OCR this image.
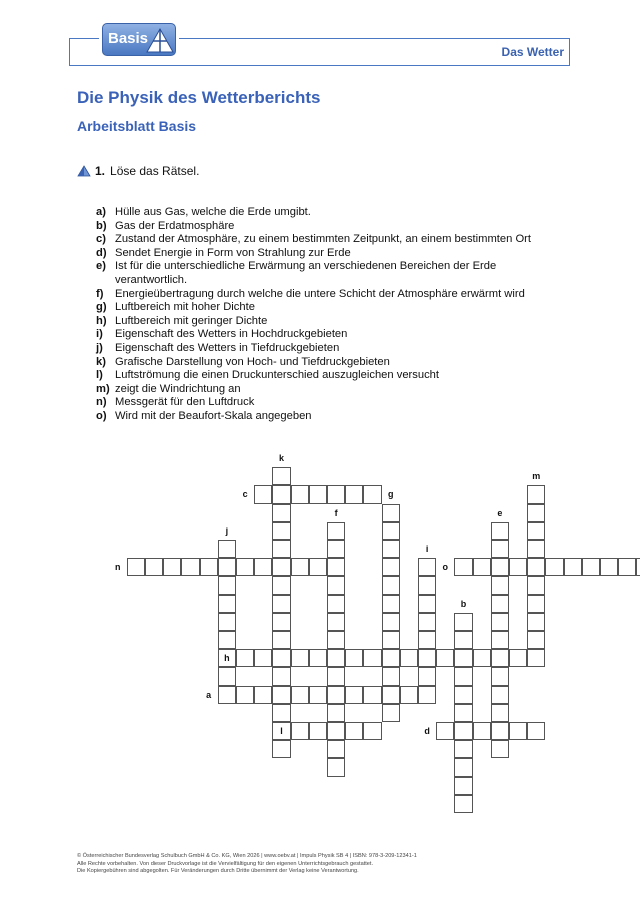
Basis
Das Wetter
Die Physik des Wetterberichts
Arbeitsblatt Basis
1. Löse das Rätsel.
a) Hülle aus Gas, welche die Erde umgibt.
b) Gas der Erdatmosphäre
c) Zustand der Atmosphäre, zu einem bestimmten Zeitpunkt, an einem bestimmten Ort
d) Sendet Energie in Form von Strahlung zur Erde
e) Ist für die unterschiedliche Erwärmung an verschiedenen Bereichen der Erde verantwortlich.
f)	Energieübertragung durch welche die untere Schicht der Atmosphäre erwärmt wird
g) Luftbereich mit hoher Dichte
h) Luftbereich mit geringer Dichte
i)	Eigenschaft des Wetters in Hochdruckgebieten
j)	Eigenschaft des Wetters in Tiefdruckgebieten
k) Grafische Darstellung von Hoch- und Tiefdruckgebieten
l)	Luftströmung die einen Druckunterschied auszugleichen versucht
m) zeigt die Windrichtung an
n) Messgerät für den Luftdruck
o) Wird mit der Beaufort-Skala angegeben
k
m
c	g
f	e
j
i
n	o
b
h
a
l	d
© Österreichischer Bundesverlag Schulbuch GmbH & Co. KG, Wien 2026 | www.oebv.at | Impuls Physik SB 4 | ISBN: 978-3-209-12341-1
Alle Rechte vorbehalten. Von dieser Druckvorlage ist die Vervielfältigung für den eigenen Unterrichtsgebrauch gestattet.
Die Kopiergebühren sind abgegolten. Für Veränderungen durch Dritte übernimmt der Verlag keine Verantwortung.
